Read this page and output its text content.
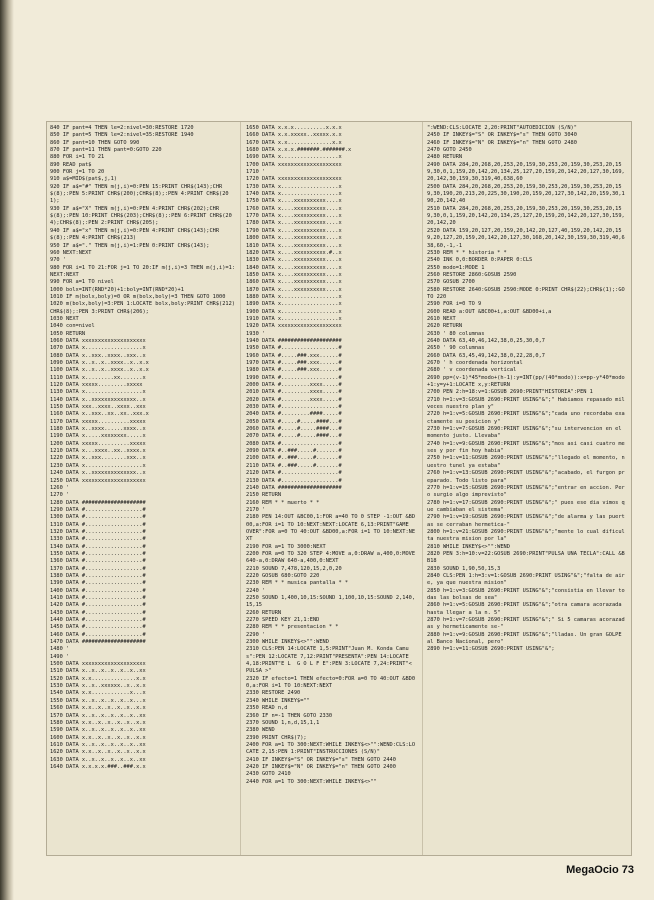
840 IF pant=4 THEN le=2:nivel=30:RESTORE 1720
850 IF pant=5 THEN le=2:nivel=35:RESTORE 1940
860 IF pant=10 THEN GOTO 990
870 IF pant=11 THEN pant=0:GOTO 220
880 FOR i=1 TO 21
890 READ pat$
900 FOR j=1 TO 20
910 a$=MID$(pat$,j,1)
920 IF a$="#" THEN m(j,i)=0:PEN 15:PRINT CHR$(143);CHR$(8);:PEN 5:PRINT CHR$(200);CHR$(8);:PEN 4:PRINT CHR$(201);
930 IF a$="X" THEN m(j,i)=0:PEN 4:PRINT CHR$(202);CHR$(8);:PEN 10:PRINT CHR$(203);CHR$(8);:PEN 6:PRINT CHR$(204);CHR$(8);:PEN 2:PRINT CHR$(205);
940 IF a$="x" THEN m(j,i)=0:PEN 4:PRINT CHR$(143);CHR$(8);:PEN 4:PRINT CHR$(213)
950 IF a$="." THEN m(j,i)=1:PEN 0:PRINT CHR$(143);
960 NEXT:NEXT
970 '
980 FOR i=1 TO 21:FOR j=1 TO 20:IF m(j,i)=3 THEN m(j,i)=1:NEXT:NEXT
990 FOR a=1 TO nivel
1000 bolx=INT(RND*20)+1:boly=INT(RND*20)+1
1010 IF m(bolx,boly)=0 OR m(bolx,boly)=3 THEN GOTO 1000
1020 m(bolx,boly)=3:PEN 1:LOCATE bolx,boly:PRINT CHR$(212)CHR$(8);:PEN 3:PRINT CHR$(206);
1030 NEXT
1040 con=nivel
1050 RETURN
1060 DATA xxxxxxxxxxxxxxxxxxxx
1070 DATA x..................x
1080 DATA x..xxx..xxxx..xxx..x
1090 DATA x..x..x..xxxx..x..x.x
1100 DATA x..x..x..xxxx..x..x.x
1110 DATA x.........xx.......x
1120 DATA xxxxx.........xxxxx
1130 DATA x..................x
1140 DATA x..xxxxxxxxxxxxxx..x
1150 DATA xxx..xxxx..xxxx..xxx
1160 DATA x..xxx..xx..xx..xxx.x
1170 DATA xxxxx..........xxxxx
1180 DATA x..xxxx......xxxx..x
1190 DATA x.....xxxxxxxx.....x
1200 DATA xxxxx..........xxxxx
1210 DATA x...xxxx..xx..xxxx.x
1220 DATA x..xxx........xxx..x
1230 DATA x..................x
1240 DATA x..xxxxxxxxxxxxxx..x
1250 DATA xxxxxxxxxxxxxxxxxxxx
1260 '
1270 '
1280 DATA ####################
1290 DATA #..................#
1300 DATA #..................#
1310 DATA #..................#
1320 DATA #..................#
1330 DATA #..................#
1340 DATA #..................#
1350 DATA #..................#
1360 DATA #..................#
1370 DATA #..................#
1380 DATA #..................#
1390 DATA #..................#
1400 DATA #..................#
1410 DATA #..................#
1420 DATA #..................#
1430 DATA #..................#
1440 DATA #..................#
1450 DATA #..................#
1460 DATA #..................#
1470 DATA ####################
1480 '
1490 '
1500 DATA xxxxxxxxxxxxxxxxxxxx
1510 DATA x..x..x..x..x..x..xx
1520 DATA x.x..............x.x
1530 DATA x..x..xxxxxx..x..x.x
1540 DATA x.x............x...x
1550 DATA x..x..x..x..x..x...x
1560 DATA x.x..x..x..x..x..x.x
1570 DATA x..x..x..x..x..x..xx
1580 DATA x.x..x..x..x..x..x.x
1590 DATA x..x..x..x..x..x..xx
1600 DATA x.x..x..x..x..x..x.x
1610 DATA x..x..x..x..x..x..xx
1620 DATA x.x..x..x..x..x..x.x
1630 DATA x..x..x..x..x..x..xx
1640 DATA x.x.x.x.###..###.x.x
1650 DATA x.x.x..........x.x.x
1660 DATA x.x.xxxxx..xxxxx.x.x
1670 DATA x.x..............x.x
1680 DATA x.x.x.#######.#######.x
1690 DATA x..................x
1700 DATA xxxxxxxxxxxxxxxxxxxx
1710 '
1720 DATA xxxxxxxxxxxxxxxxxxxx
1730 DATA x..................x
1740 DATA x..................x
1750 DATA x....xxxxxxxxxx....x
1760 DATA x....xxxxxxxxxx....x
1770 DATA x....xxxxxxxxxx....x
1780 DATA x....xxxxxxxxxx....x
1790 DATA x....xxxxxxxxxx....x
1800 DATA x....xxxxxxxxxx....x
1810 DATA x....xxxxxxxxxx....x
1820 DATA x....xxxxxxxxxx.#..x
1830 DATA x....xxxxxxxxxx....x
1840 DATA x....xxxxxxxxxx....x
1850 DATA x....xxxxxxxxxx....x
1860 DATA x....xxxxxxxxxx....x
1870 DATA x....xxxxxxxxxx....x
1880 DATA x..................x
1890 DATA x..................x
1900 DATA x..................x
1910 DATA x..................x
1920 DATA xxxxxxxxxxxxxxxxxxxx
1930 '
1940 DATA ####################
1950 DATA #..................#
1960 DATA #.....###.xxx......#
1970 DATA #.....###.xxx......#
1980 DATA #.....###.xxx......#
1990 DATA #..................#
2000 DATA #.........xxxx.....#
2010 DATA #.........xxxx.....#
2020 DATA #.........xxxx.....#
2030 DATA #..................#
2040 DATA #.........####.....#
2050 DATA #.....#.....####...#
2060 DATA #.....#.....####...#
2070 DATA #.....#.....####...#
2080 DATA #..................#
2090 DATA #..###.....#.......#
2100 DATA #..###.....#.......#
2110 DATA #..###.....#.......#
2120 DATA #..................#
2130 DATA #..................#
2140 DATA ####################
2150 RETURN
2160 REM * * muerto * *
2170 '
2180 PEN 14:OUT &BC00,1:FOR a=40 TO 0 STEP -1:OUT &BD00,a:FOR i=1 TO 10:NEXT:NEXT:LOCATE 6,13:PRINT"GAME  OVER":FOR a=0 TO 40:OUT &BD00,a:FOR i=1 TO 10:NEXT:NEXT
2190 FOR a=1 TO 3000:NEXT
2200 FOR a=0 TO 320 STEP 4:MOVE a,0:DRAW a,400,0:MOVE 640-a,0:DRAW 640-a,400,0:NEXT
2210 SOUND 7,478,120,15,2,0,20
2220 GOSUB 680:GOTO 220
2230 REM * * musica pantalla * *
2240 '
2250 SOUND 1,400,10,15:SOUND 1,100,10,15:SOUND 2,140,15,15
2260 RETURN
2270 SPEED KEY 21,1:END
2280 REM * * presentacion * *
2290 '
2300 WHILE INKEY$<>"":WEND
2310 CLS:PEN 14:LOCATE 1,5:PRINT"Juan M. Konda Camus":PEN 12:LOCATE 7,12:PRINT"PRESENTA":PEN 14:LOCATE 4,18:PRINT"E L  G O L F E":PEN 3:LOCATE 7,24:PRINT"< PULSA >"
2320 IF efecto=1 THEN efecto=0:FOR a=0 TO 40:OUT &BD00,a:FOR i=1 TO 10:NEXT:NEXT
2330 RESTORE 2490
2340 WHILE INKEY$=""
2350 READ n,d
2360 IF n=-1 THEN GOTO 2330
2370 SOUND 1,n,d,15,1,1
2380 WEND
2390 PRINT CHR$(7);
2400 FOR a=1 TO 300:NEXT:WHILE INKEY$<>"":WEND:CLS:LOCATE 2,15:PEN 1:PRINT"INSTRUCCIONES (S/N)"
2410 IF INKEY$="S" OR INKEY$="s" THEN GOTO 2440
2420 IF INKEY$="N" OR INKEY$="n" THEN GOTO 2400
2430 GOTO 2410
2440 FOR a=1 TO 300:NEXT:WHILE INKEY$<>""
":WEND:CLS:LOCATE 2,20:PRINT"AUTOEDICION (S/N)"
2450 IF INKEY$="S" OR INKEY$="s" THEN GOTO 3040
2460 IF INKEY$="N" OR INKEY$="n" THEN GOTO 2480
2470 GOTO 2450
2480 RETURN
2490 DATA 284,20,268,20,253,20,159,30,253,20,159,30,253,20,159,30,0,1,159,20,142,20,134,25,127,20,159,20,142,20,127,30,169,20,142,30,159,30,319,40,638,60
2500 DATA 284,20,268,20,253,20,159,30,253,20,159,30,253,20,159,30,190,20,213,20,225,30,190,20,159,20,127,30,142,20,159,30,190,20,142,40
2510 DATA 284,20,268,20,253,20,159,30,253,20,159,30,253,20,159,30,0,1,159,20,142,20,134,25,127,20,159,20,142,20,127,30,159,20,142,20
2520 DATA 159,20,127,20,159,20,142,20,127,40,159,20,142,20,159,20,127,20,159,20,142,20,127,30,168,20,142,30,159,30,319,40,638,60,-1,-1
2530 REM * * historia * *
2540 INK 0,0:BORDER 0:PAPER 0:CLS
2550 modo=1:MODE 1
2560 RESTORE 2860:GOSUB 2590
2570 GOSUB 2700
2580 RESTORE 2640:GOSUB 2590:MODE 0:PRINT CHR$(22);CHR$(1);:GOTO 220
2590 FOR i=0 TO 9
2600 READ a:OUT &BC00+i,a:OUT &BD00+i,a
2610 NEXT
2620 RETURN
2630 ' 80 columnas
2640 DATA 63,40,46,142,38,0,25,30,0,7
2650 ' 90 columnas
2660 DATA 63,45,49,142,38,0,22,28,0,7
2670 ' h coordenada horizontal
2680 ' v coordenada vertical
2690 pp=(v-1)*45*modo+(h-1):y=INT(pp/(40*modo)):x=pp-y*40*modo+1:y=y+1:LOCATE x,y:RETURN
2700 PEN 2:h=18:v=1:GOSUB 2690:PRINT"HISTORIA":PEN 1
2710 h=1:v=3:GOSUB 2690:PRINT USING"&";" Habiamos repasado mil veces nuestro plan y"
2720 h=1:v=5:GOSUB 2690:PRINT USING"&";"cada uno recordaba exactamente su posicion y"
2730 h=1:v=7:GOSUB 2690:PRINT USING"&";"su intervencion en el momento justo. Llevaba"
2740 h=1:v=9:GOSUB 2690:PRINT USING"&";"mos asi casi cuatro meses y por fin hoy habia"
2750 h=1:v=11:GOSUB 2690:PRINT USING"&";"llegado el momento, nuestro tunel ya estaba"
2760 h=1:v=13:GOSUB 2690:PRINT USING"&";"acabado, el furgon preparado. Todo listo para"
2770 h=1:v=15:GOSUB 2690:PRINT USING"&";"entrar en accion. Pero surgio algo imprevisto"
2780 h=1:v=17:GOSUB 2690:PRINT USING"&";" pues ese dia vimos que cambiaban el sistema"
2790 h=1:v=19:GOSUB 2690:PRINT USING"&";"de alarma y las puertas se cerraban hermetica-"
2800 h=1:v=21:GOSUB 2690:PRINT USING"&";"mente lo cual dificulta nuestra mision por la"
2810 WHILE INKEY$<>"":WEND
2820 PEN 3:h=10:v=22:GOSUB 2690:PRINT"PULSA UNA TECLA":CALL &BB18
2830 SOUND 1,90,50,15,3
2840 CLS:PEN 1:h=3:v=1:GOSUB 2690:PRINT USING"&";"falta de aire, ya que nuestra mision"
2850 h=1:v=3:GOSUB 2690:PRINT USING"&";"consistia en llevar todas las bolsas de sea"
2860 h=1:v=5:GOSUB 2690:PRINT USING"&";"otra camara acorazada hasta llegar a la n. 5"
2870 h=1:v=7:GOSUB 2690:PRINT USING"&";" Si 5 camaras acorazadas y hermeticamente se-"
2880 h=1:v=9:GOSUB 2690:PRINT USING"&";"lladas. Un gran GOLPE al Banco Nacional, pero"
2890 h=1:v=11:GOSUB 2690:PRINT USING"&";
MegaOcio 73
